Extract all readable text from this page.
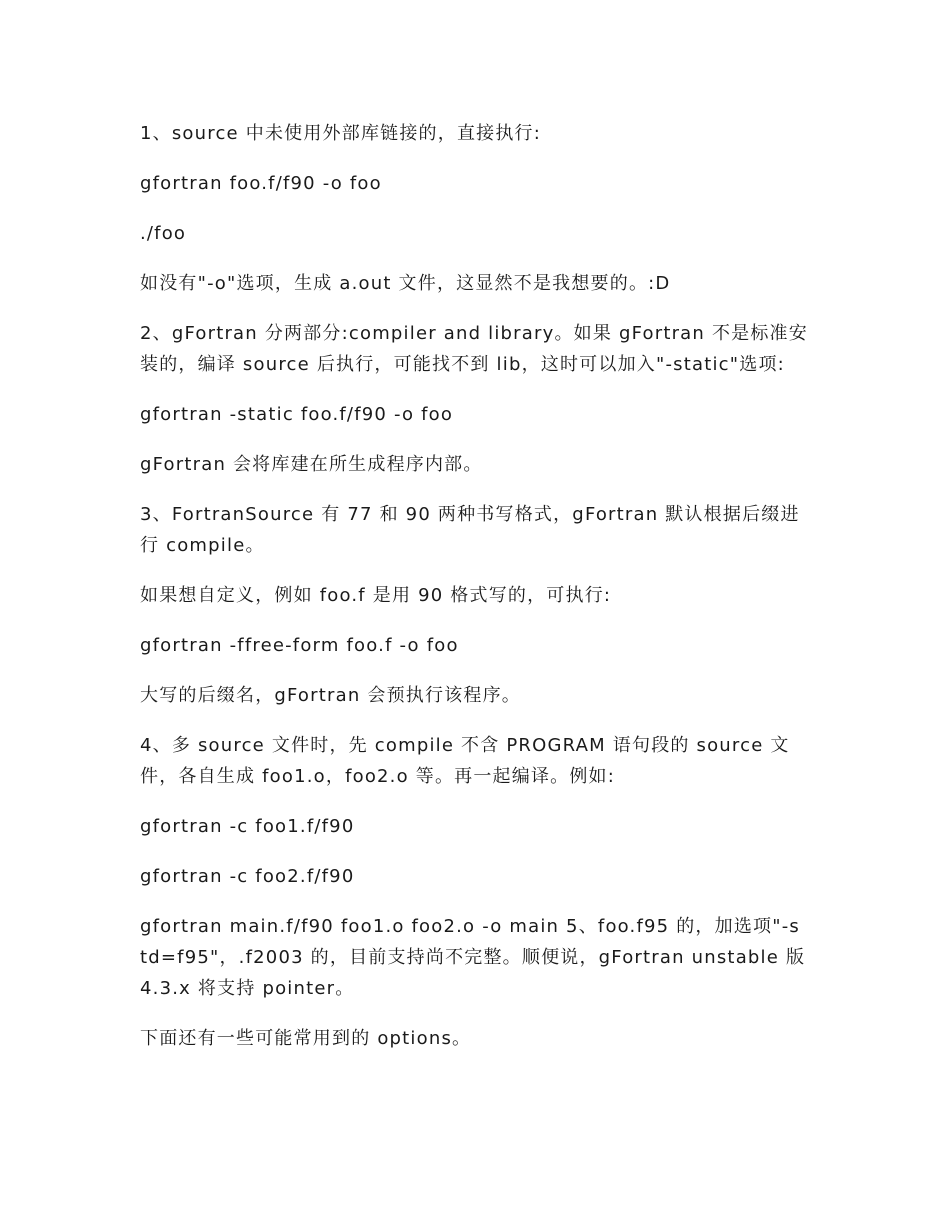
1、source 中未使用外部库链接的，直接执行:

gfortran foo.f/f90 -o foo

./foo

如没有"-o"选项，生成 a.out 文件，这显然不是我想要的。:D

2、gFortran 分两部分:compiler and library。如果 gFortran 不是标准安装的，编译 source 后执行，可能找不到 lib，这时可以加入"-static"选项:

gfortran -static foo.f/f90 -o foo

gFortran 会将库建在所生成程序内部。

3、FortranSource 有 77 和 90 两种书写格式，gFortran 默认根据后缀进行 compile。

如果想自定义，例如 foo.f 是用 90 格式写的，可执行:

gfortran -ffree-form foo.f -o foo

大写的后缀名，gFortran 会预执行该程序。

4、多 source 文件时，先 compile 不含 PROGRAM 语句段的 source 文件，各自生成 foo1.o，foo2.o 等。再一起编译。例如:

gfortran -c foo1.f/f90

gfortran -c foo2.f/f90

gfortran main.f/f90 foo1.o foo2.o -o main 5、foo.f95 的，加选项"-std=f95"，.f2003 的，目前支持尚不完整。顺便说，gFortran unstable 版 4.3.x 将支持 pointer。

下面还有一些可能常用到的 options。
